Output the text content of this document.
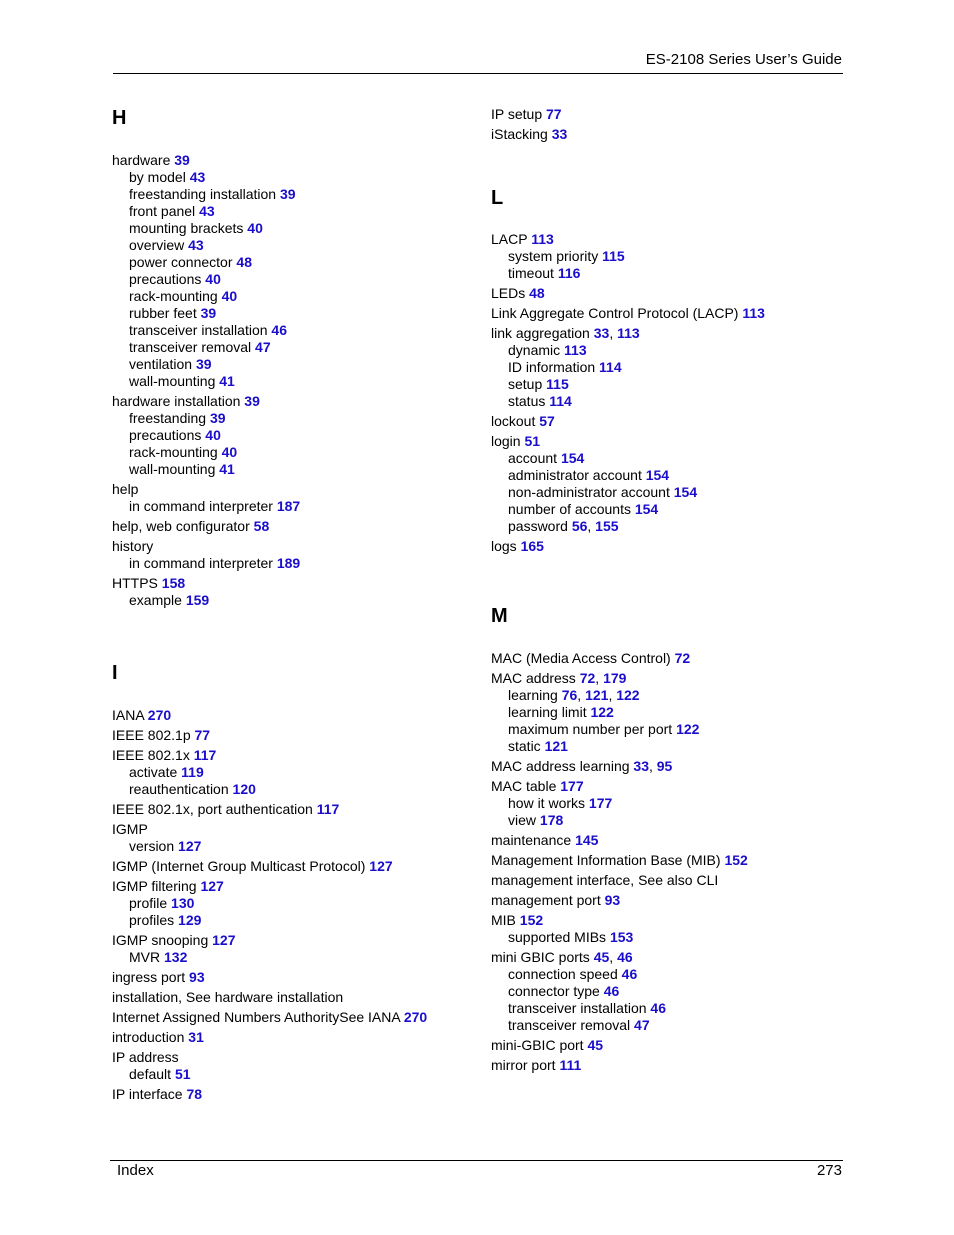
ES-2108 Series User’s Guide
H
hardware 39
by model 43
freestanding installation 39
front panel 43
mounting brackets 40
overview 43
power connector 48
precautions 40
rack-mounting 40
rubber feet 39
transceiver installation 46
transceiver removal 47
ventilation 39
wall-mounting 41
hardware installation 39
freestanding 39
precautions 40
rack-mounting 40
wall-mounting 41
help
in command interpreter 187
help, web configurator 58
history
in command interpreter 189
HTTPS 158
example 159
I
IANA 270
IEEE 802.1p 77
IEEE 802.1x 117
activate 119
reauthentication 120
IEEE 802.1x, port authentication 117
IGMP
version 127
IGMP (Internet Group Multicast Protocol) 127
IGMP filtering 127
profile 130
profiles 129
IGMP snooping 127
MVR 132
ingress port 93
installation, See hardware installation
Internet Assigned Numbers AuthoritySee IANA 270
introduction 31
IP address
default 51
IP interface 78
IP setup 77
iStacking 33
L
LACP 113
system priority 115
timeout 116
LEDs 48
Link Aggregate Control Protocol (LACP) 113
link aggregation 33, 113
dynamic 113
ID information 114
setup 115
status 114
lockout 57
login 51
account 154
administrator account 154
non-administrator account 154
number of accounts 154
password 56, 155
logs 165
M
MAC (Media Access Control) 72
MAC address 72, 179
learning 76, 121, 122
learning limit 122
maximum number per port 122
static 121
MAC address learning 33, 95
MAC table 177
how it works 177
view 178
maintenance 145
Management Information Base (MIB) 152
management interface, See also CLI
management port 93
MIB 152
supported MIBs 153
mini GBIC ports 45, 46
connection speed 46
connector type 46
transceiver installation 46
transceiver removal 47
mini-GBIC port 45
mirror port 111
Index	273
